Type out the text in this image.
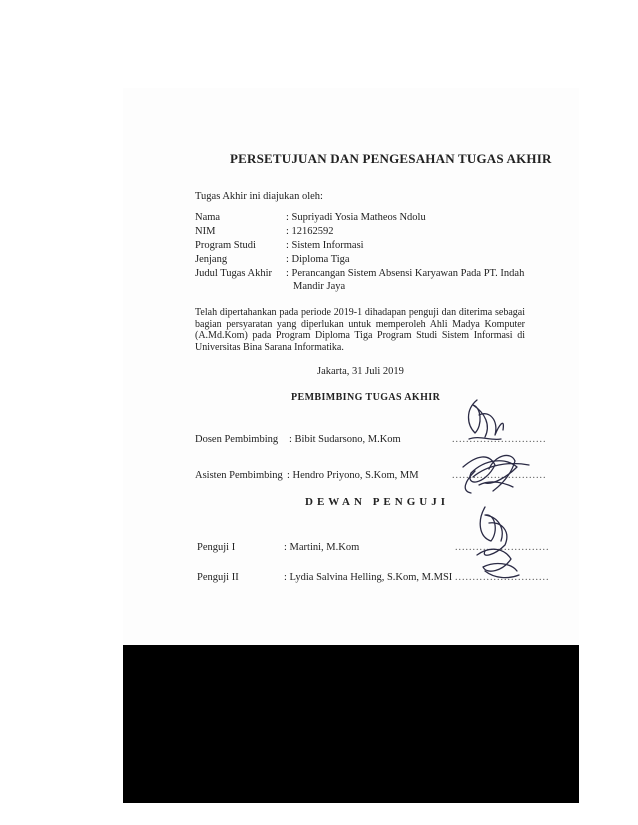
PERSETUJUAN DAN PENGESAHAN TUGAS AKHIR
Tugas Akhir ini diajukan oleh:
Nama	: Supriyadi Yosia Matheos Ndolu
NIM	: 12162592
Program Studi	: Sistem Informasi
Jenjang	: Diploma Tiga
Judul Tugas Akhir : Perancangan Sistem Absensi Karyawan Pada PT. Indah
Mandir Jaya
Telah dipertahankan pada periode 2019-1 dihadapan penguji dan diterima sebagai bagian persyaratan yang diperlukan untuk memperoleh Ahli Madya Komputer (A.Md.Kom) pada Program Diploma Tiga Program Studi Sistem Informasi di Universitas Bina Sarana Informatika.
Jakarta, 31 Juli 2019
PEMBIMBING TUGAS AKHIR
Dosen Pembimbing : Bibit Sudarsono, M.Kom	...........................
Asisten Pembimbing : Hendro Priyono, S.Kom, MM	...........................
DEWAN PENGUJI
Penguji I	: Martini, M.Kom	...........................
Penguji II	: Lydia Salvina Helling, S.Kom, M.MSI ...........................
